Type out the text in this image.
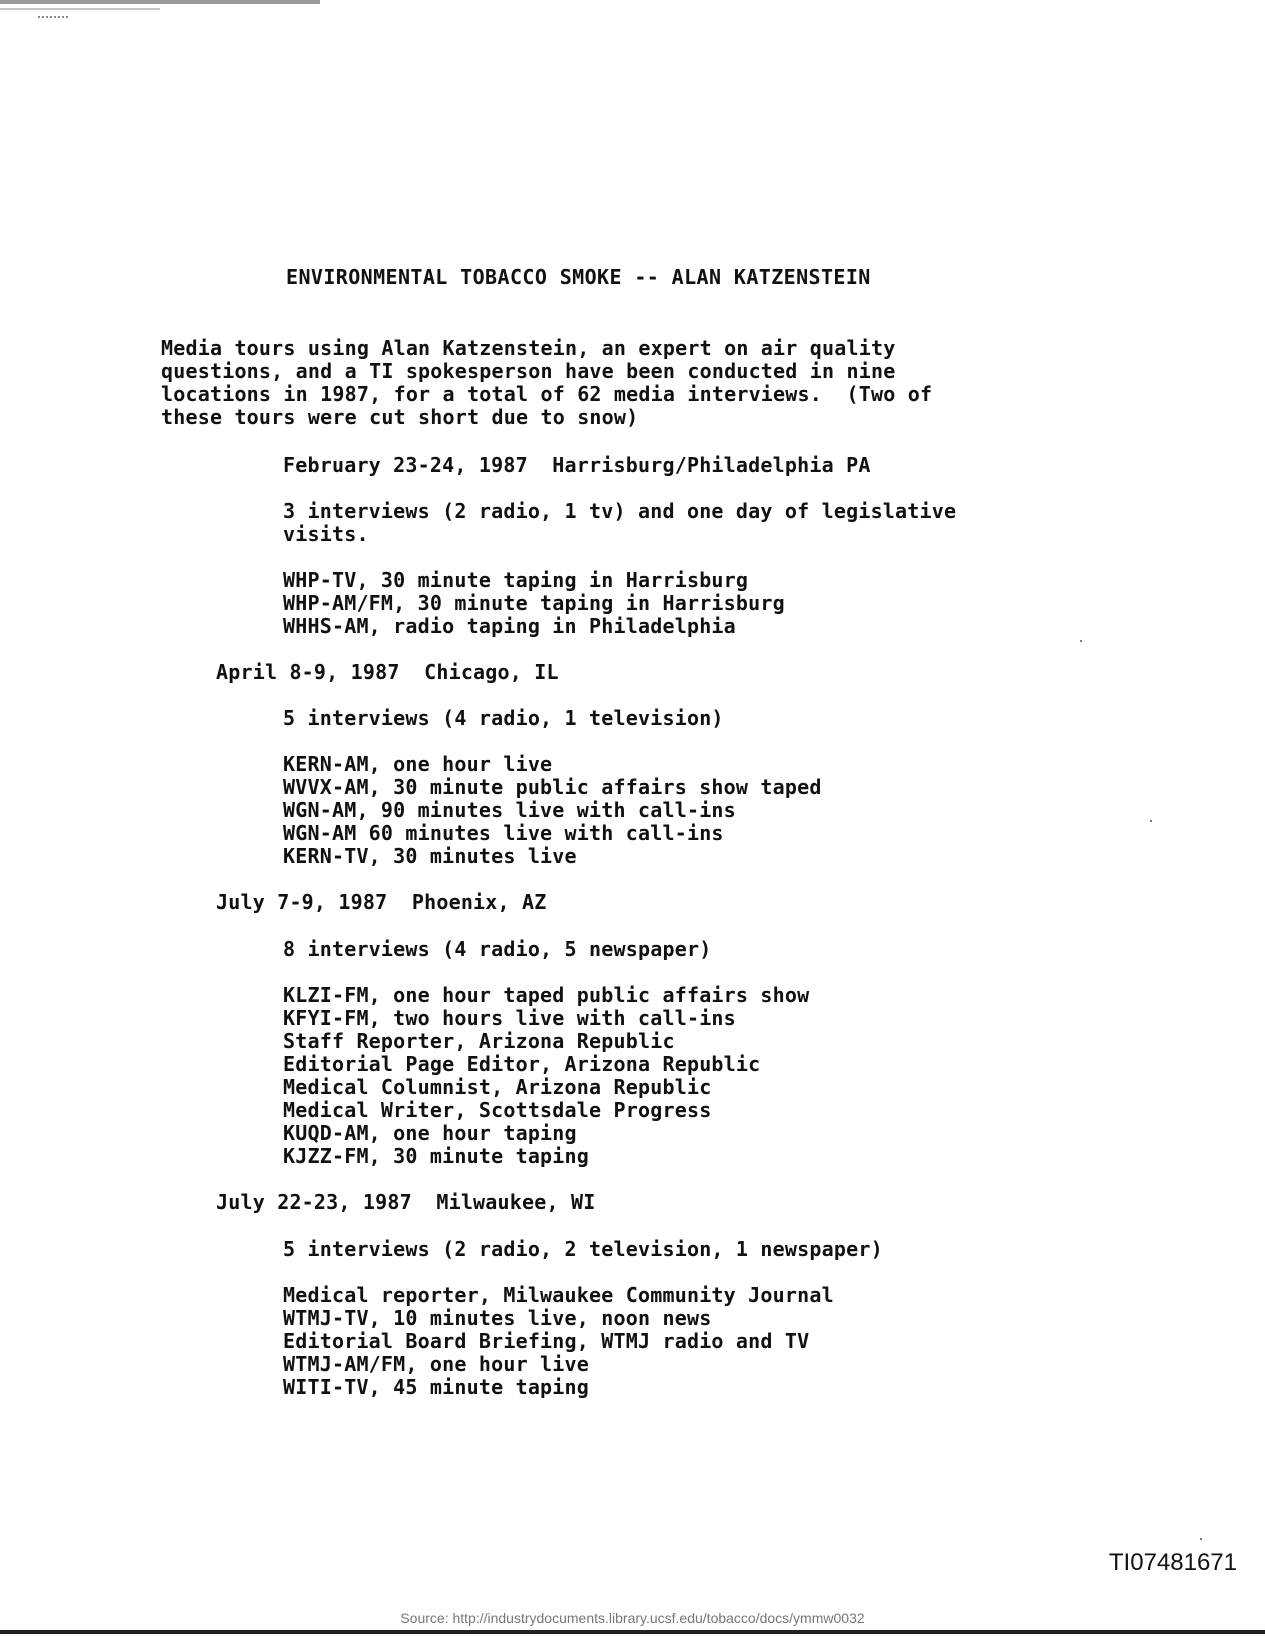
ENVIRONMENTAL TOBACCO SMOKE -- ALAN KATZENSTEIN
Media tours using Alan Katzenstein, an expert on air quality
questions, and a TI spokesperson have been conducted in nine
locations in 1987, for a total of 62 media interviews.  (Two of
these tours were cut short due to snow)
February 23-24, 1987  Harrisburg/Philadelphia PA
3 interviews (2 radio, 1 tv) and one day of legislative
visits.
WHP-TV, 30 minute taping in Harrisburg
WHP-AM/FM, 30 minute taping in Harrisburg
WHHS-AM, radio taping in Philadelphia
April 8-9, 1987  Chicago, IL
5 interviews (4 radio, 1 television)
KERN-AM, one hour live
WVVX-AM, 30 minute public affairs show taped
WGN-AM, 90 minutes live with call-ins
WGN-AM 60 minutes live with call-ins
KERN-TV, 30 minutes live
July 7-9, 1987  Phoenix, AZ
8 interviews (4 radio, 5 newspaper)
KLZI-FM, one hour taped public affairs show
KFYI-FM, two hours live with call-ins
Staff Reporter, Arizona Republic
Editorial Page Editor, Arizona Republic
Medical Columnist, Arizona Republic
Medical Writer, Scottsdale Progress
KUQD-AM, one hour taping
KJZZ-FM, 30 minute taping
July 22-23, 1987  Milwaukee, WI
5 interviews (2 radio, 2 television, 1 newspaper)
Medical reporter, Milwaukee Community Journal
WTMJ-TV, 10 minutes live, noon news
Editorial Board Briefing, WTMJ radio and TV
WTMJ-AM/FM, one hour live
WITI-TV, 45 minute taping
TI07481671
Source: http://industrydocuments.library.ucsf.edu/tobacco/docs/ymmw0032
